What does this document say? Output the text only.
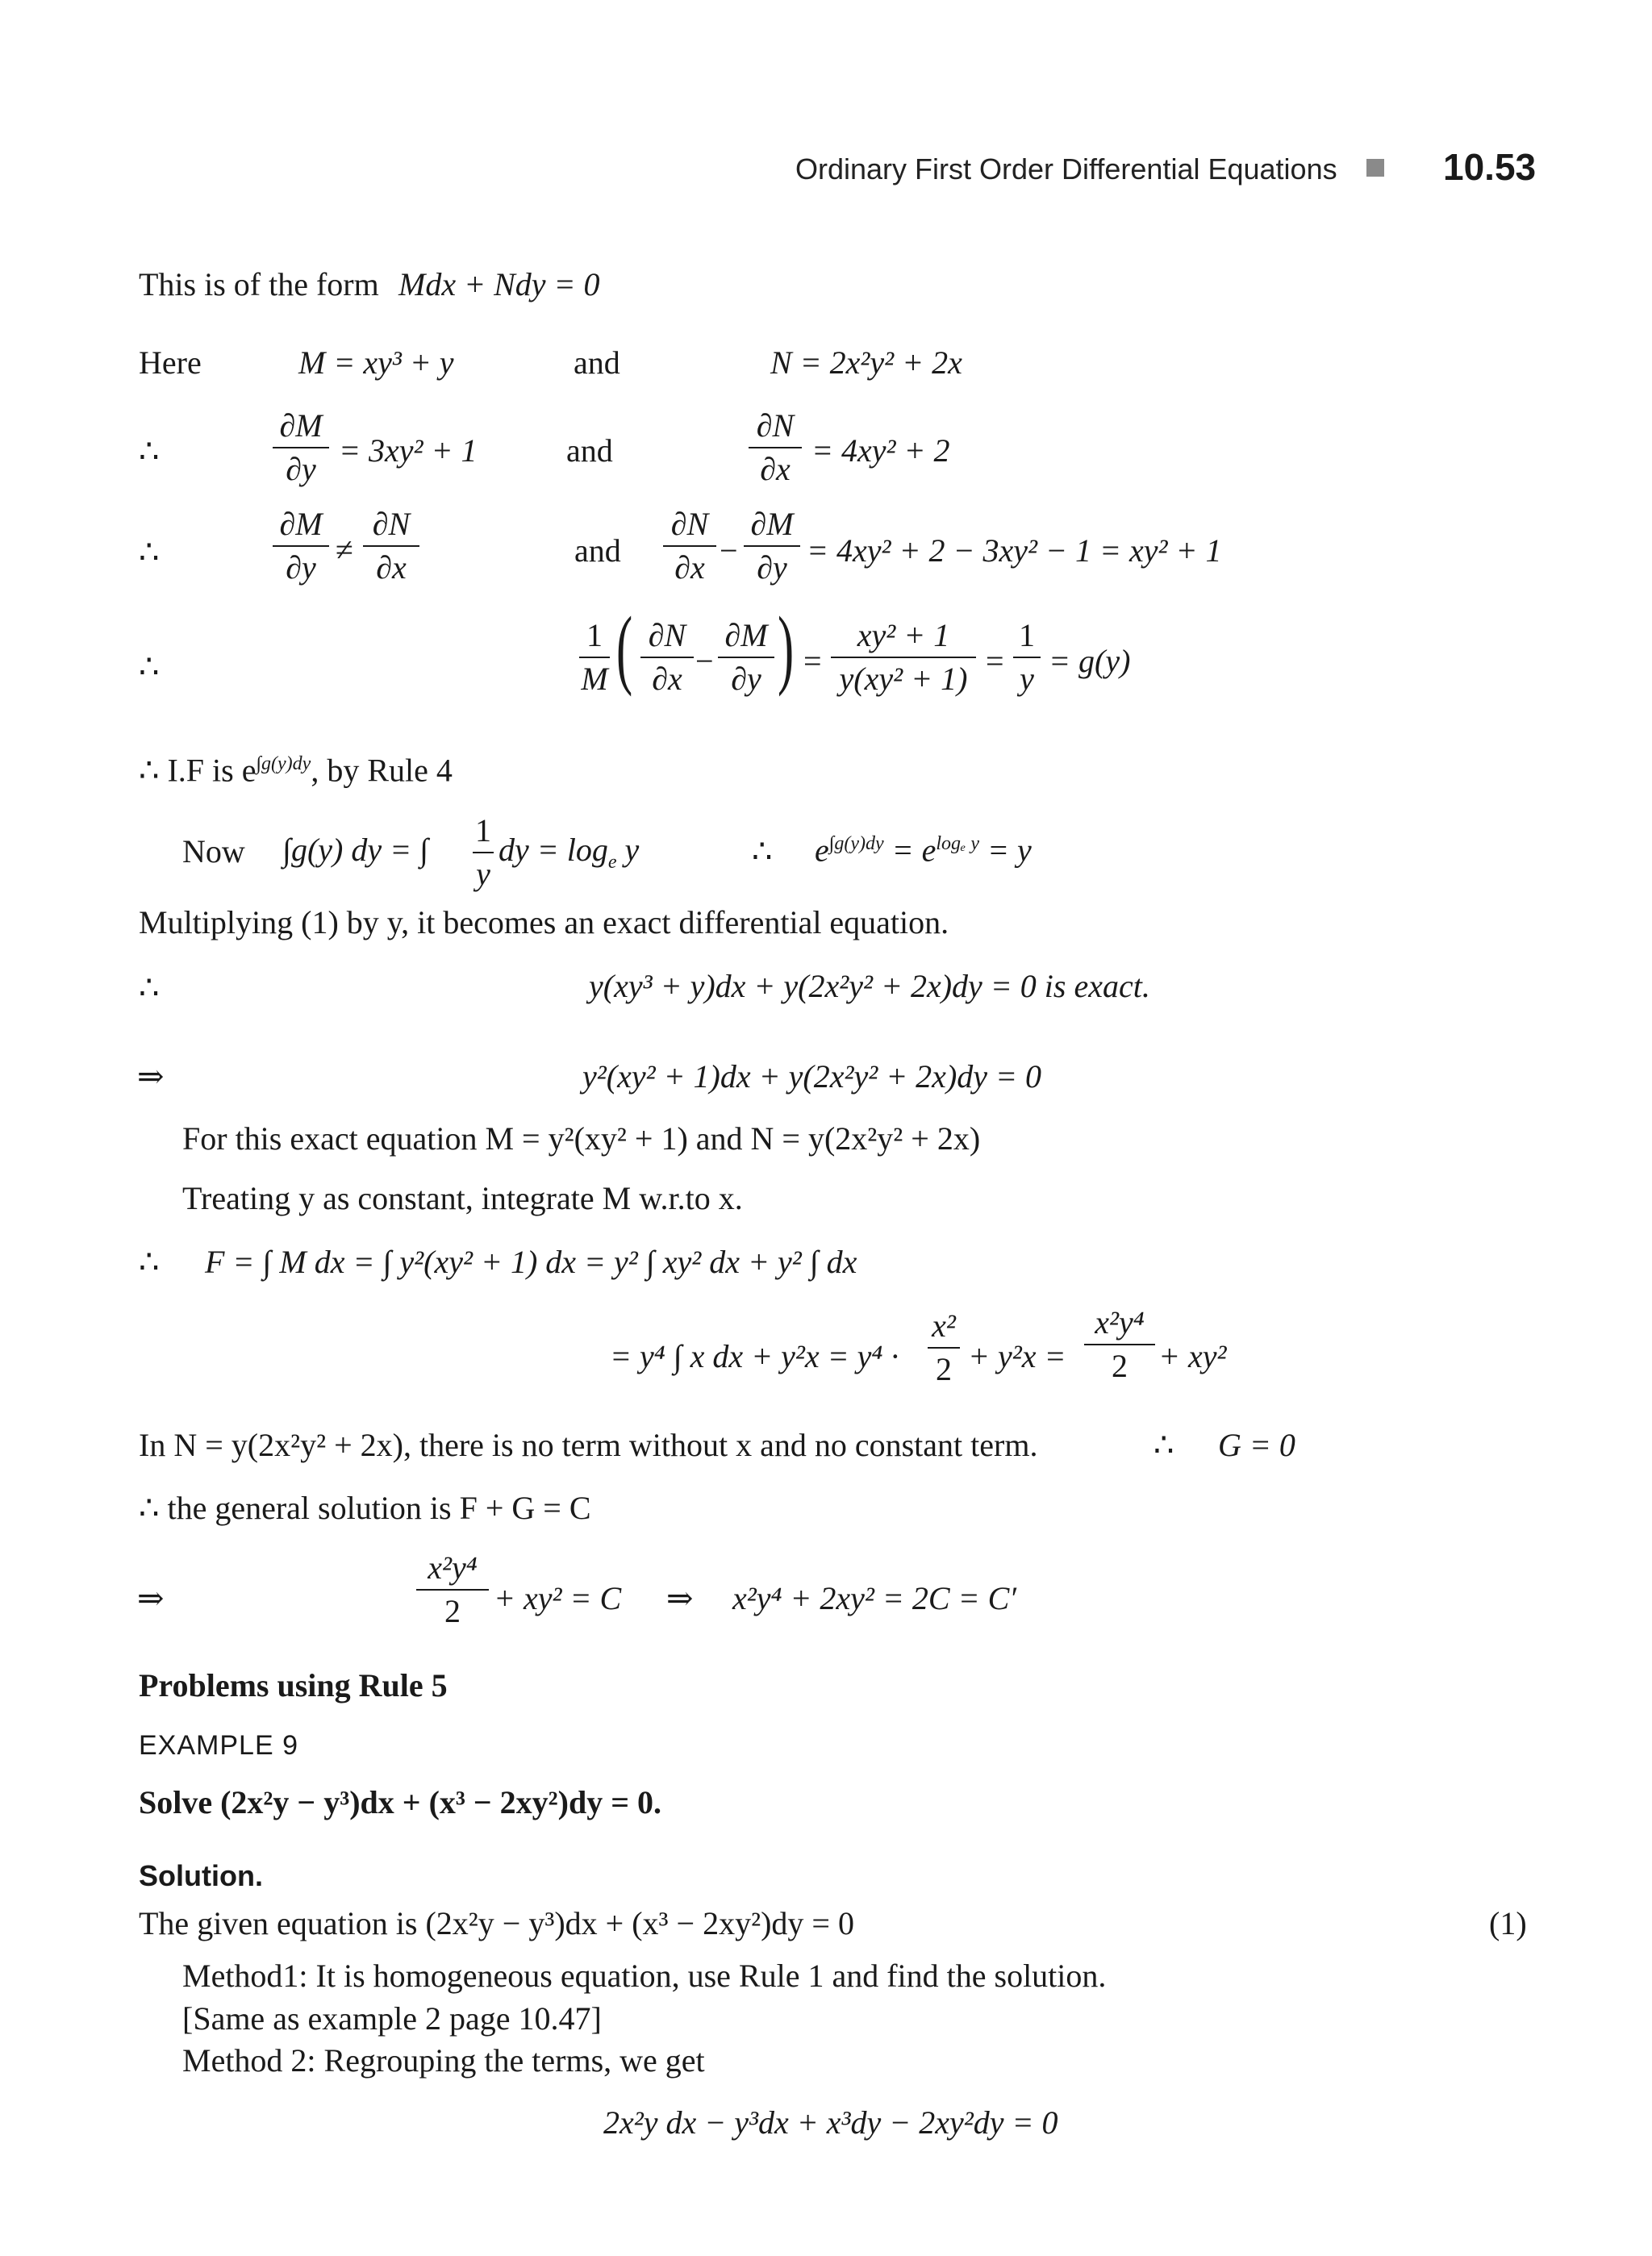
Ordinary First Order Differential Equations	10.53
This is of the form Mdx + Ndy = 0
Here	M = xy³ + y	and	N = 2x²y² + 2x
∴
∂M
∂y
= 3xy² + 1	and
∂N
∂x
= 4xy² + 2
∴
∂M
∂y ≠
∂N
∂x	and
∂N
∂x −
∂M
∂y = 4xy² + 2 − 3xy² − 1 = xy² + 1
∴
1
M ( ∂N
∂x −
∂M
∂y ) =
xy² + 1
y(xy² + 1) =
1
y = g(y)
∴ I.F is $e^{\int g(y)dy}$, by Rule 4
Now ∫g(y) dy = ∫
1
y
dy = $\log_e y$	∴ $e^{\int g(y)dy} = e^{log_e y} = y$
Multiplying (1) by y, it becomes an exact differential equation.
∴	y(xy³ + y)dx + y(2x²y² + 2x)dy = 0 is exact.
⇒	y²(xy² + 1)dx + y(2x²y² + 2x)dy = 0
For this exact equation M = y²(xy² + 1) and N = y(2x²y² + 2x)
Treating y as constant, integrate M w.r.to x.
∴ F = ∫ M dx = ∫ y²(xy² + 1) dx = y² ∫ xy² dx + y² ∫ dx
= y⁴ ∫ x dx + y²x = y⁴ ·
x²
2 + y²x =
x²y⁴
2 + xy²
In N = y(2x²y² + 2x), there is no term without x and no constant term.	∴ G = 0
∴ the general solution is F + G = C
⇒
x²y⁴
2	+ xy² = C ⇒ x²y⁴ + 2xy² = 2C = C′
Problems using Rule 5
EXAMPLE 9
Solve (2x²y − y³)dx + (x³ − 2xy²)dy = 0.
Solution.
The given equation is (2x²y − y³)dx + (x³ − 2xy²)dy = 0	(1)
Method1: It is homogeneous equation, use Rule 1 and find the solution.
[Same as example 2 page 10.47]
Method 2: Regrouping the terms, we get
2x²y dx − y³dx + x³dy − 2xy²dy = 0
